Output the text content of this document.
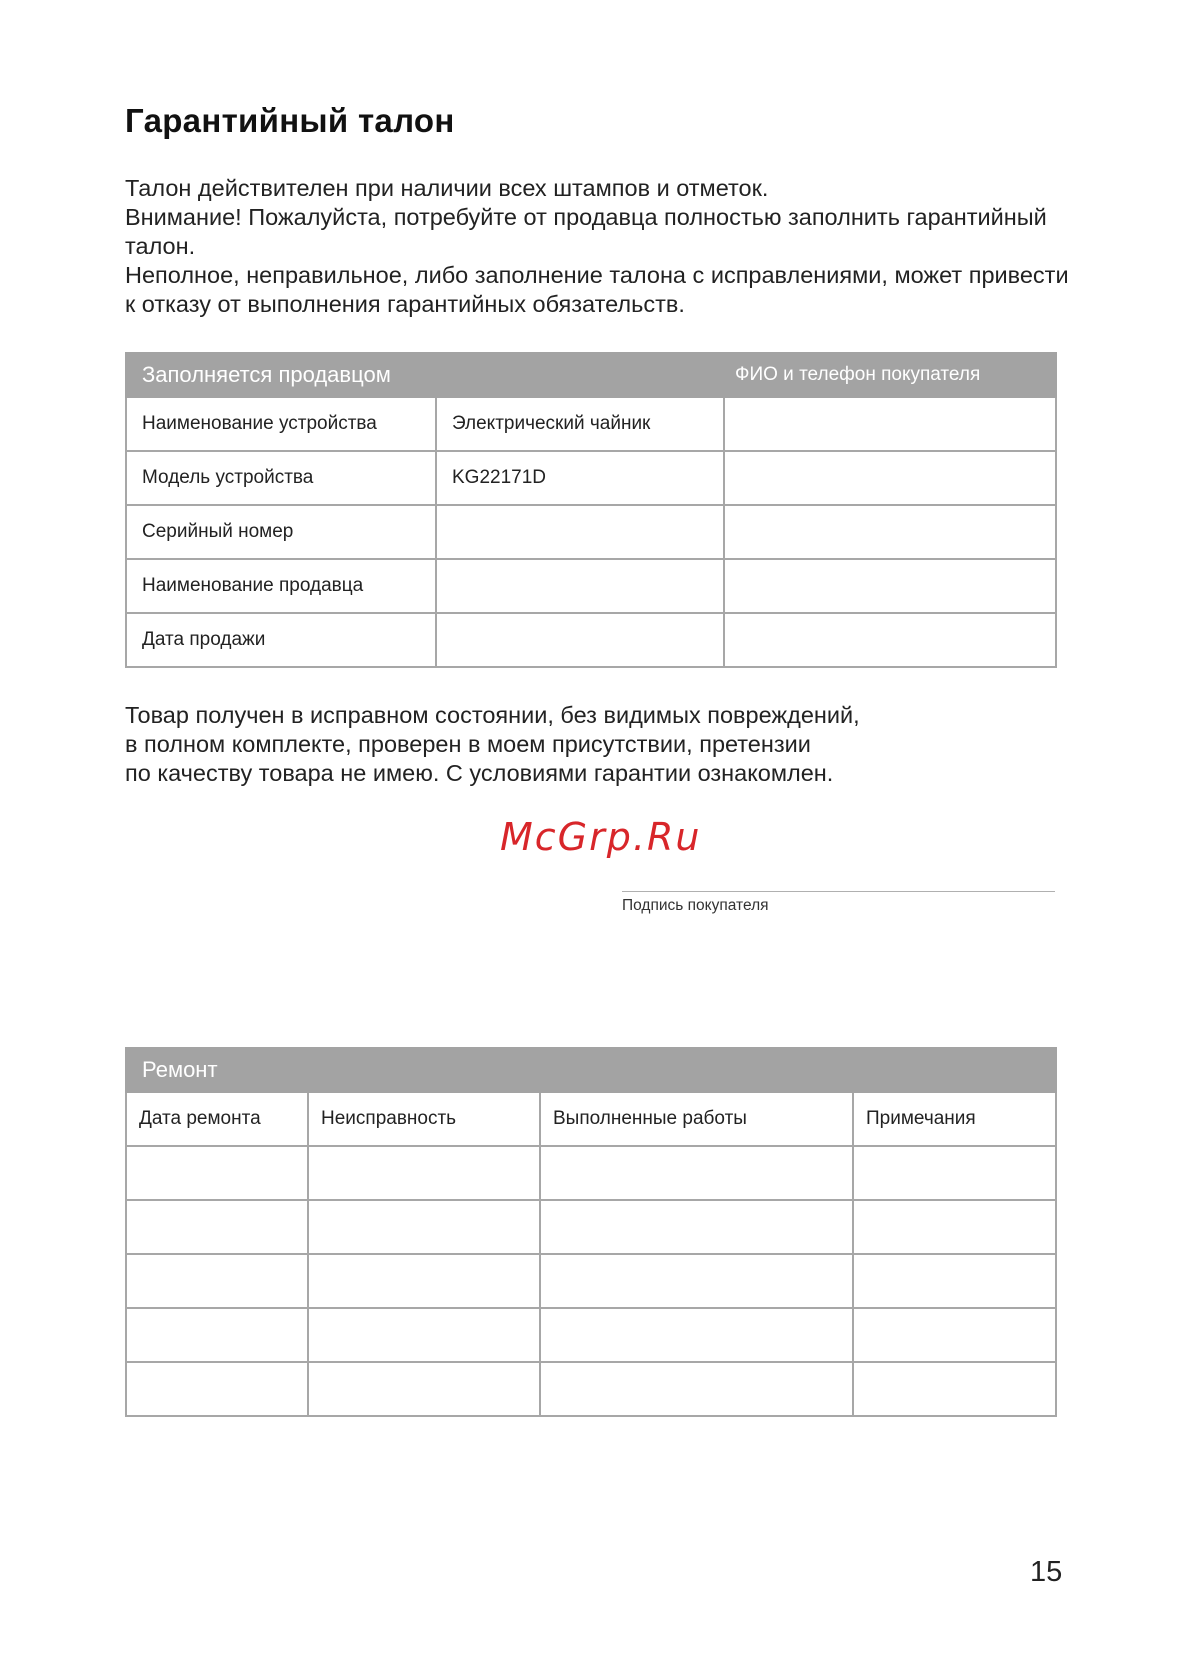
Гарантийный талон

Талон действителен при наличии всех штампов и отметок.

Внимание! Пожалуйста, потребуйте от продавца полностью заполнить гарантийный талон.

Неполное, неправильное, либо заполнение талона с исправлениями, может привести к отказу от выполнения гарантийных обязательств.

Заполняется продавцом		ФИО и телефон покупателя
Наименование устройства	Электрический чайник	
Модель устройства	KG22171D	
Серийный номер		
Наименование продавца		
Дата продажи		

Товар получен в исправном состоянии, без видимых повреждений,

в полном комплекте, проверен в моем присутствии, претензии

по качеству товара не имею. С условиями гарантии ознакомлен.

McGrp.Ru
Подпись покупателя
Ремонт			
Дата ремонта	Неисправность	Выполненные работы	Примечания

15
